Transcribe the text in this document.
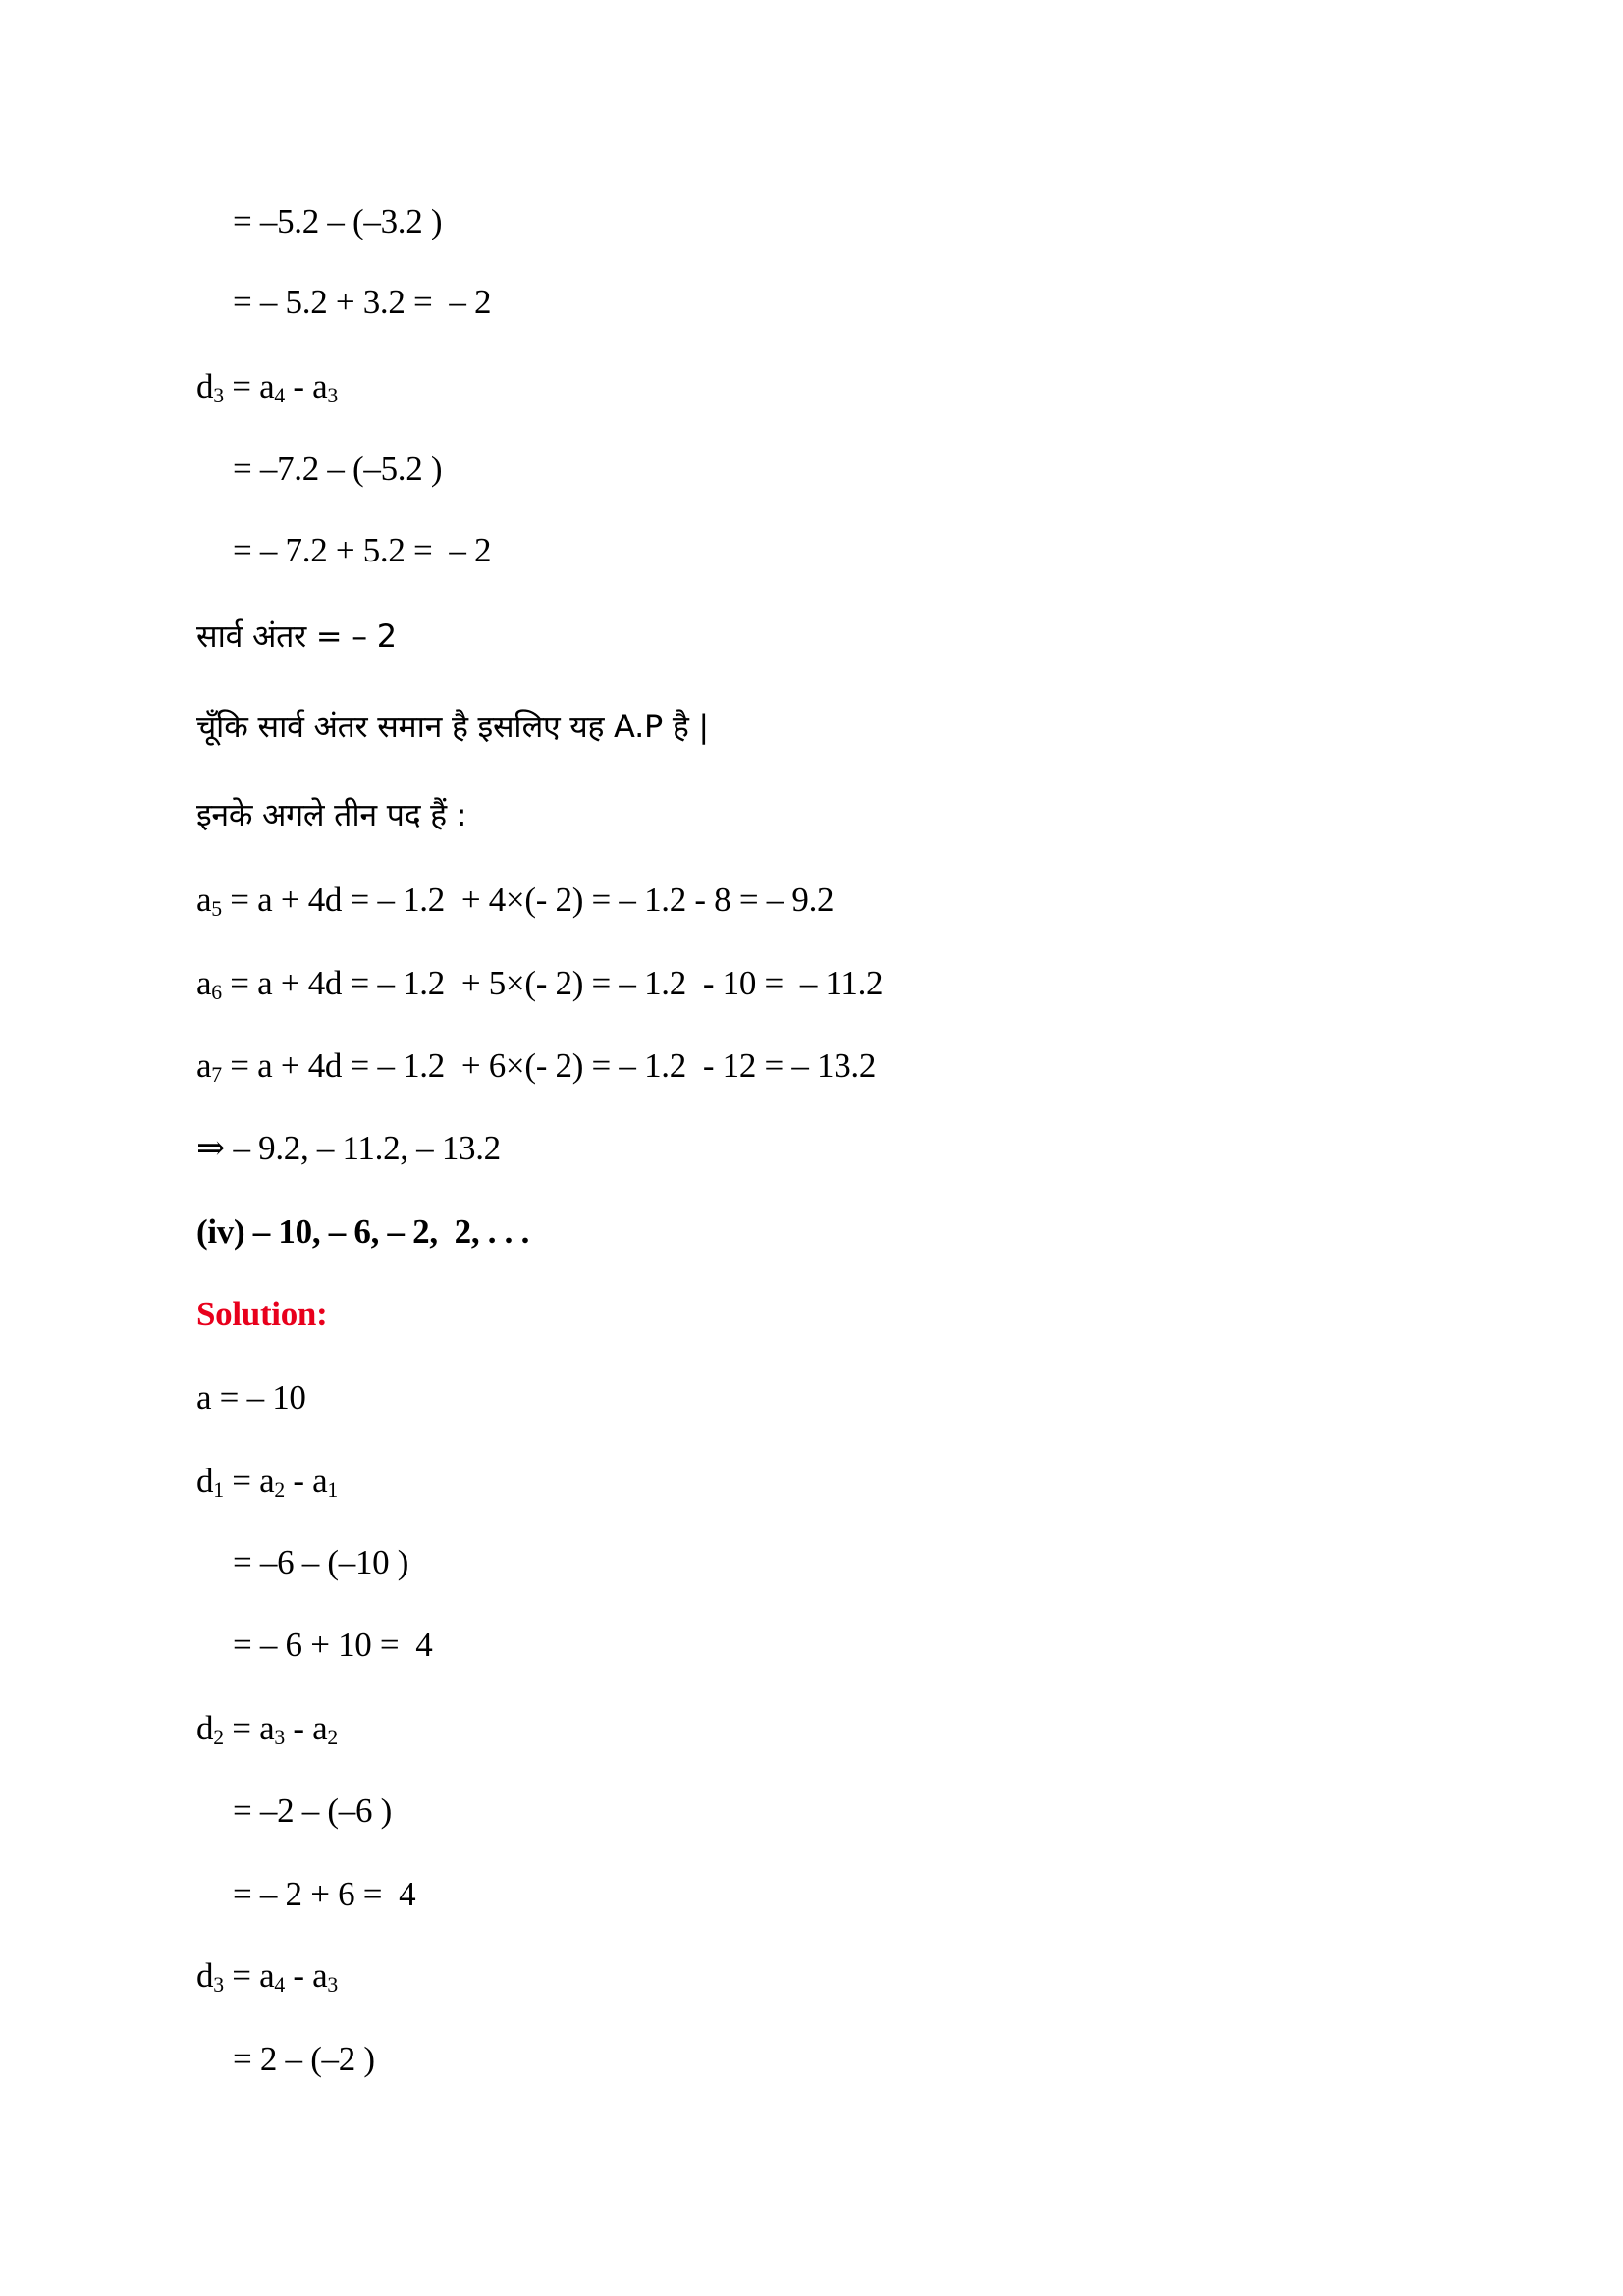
= –5.2 – (–3.2 )
= – 5.2 + 3.2 =  – 2
$d_3 = a_4 - a_3$
= –7.2 – (–5.2 )
= – 7.2 + 5.2 =  – 2
सार्व अंतर = – 2
चूँकि सार्व अंतर समान है इसलिए यह A.P है |
इनके अगले तीन पद हैं :
$a_5 = a + 4d$ = – 1.2  + 4×(- 2) = – 1.2 - 8 = – 9.2
$a_6 = a + 4d$ = – 1.2  + 5×(- 2) = – 1.2  - 10 =  – 11.2
$a_7 = a + 4d$ = – 1.2  + 6×(- 2) = – 1.2  - 12 = – 13.2
⇒ – 9.2, – 11.2, – 13.2
(iv) – 10, – 6, – 2,  2, . . .
Solution:
a = – 10
$d_1 = a_2 - a_1$
= –6 – (–10 )
= – 6 + 10 =  4
$d_2 = a_3 - a_2$
= –2 – (–6 )
= – 2 + 6 =  4
$d_3 = a_4 - a_3$
= 2 – (–2 )
